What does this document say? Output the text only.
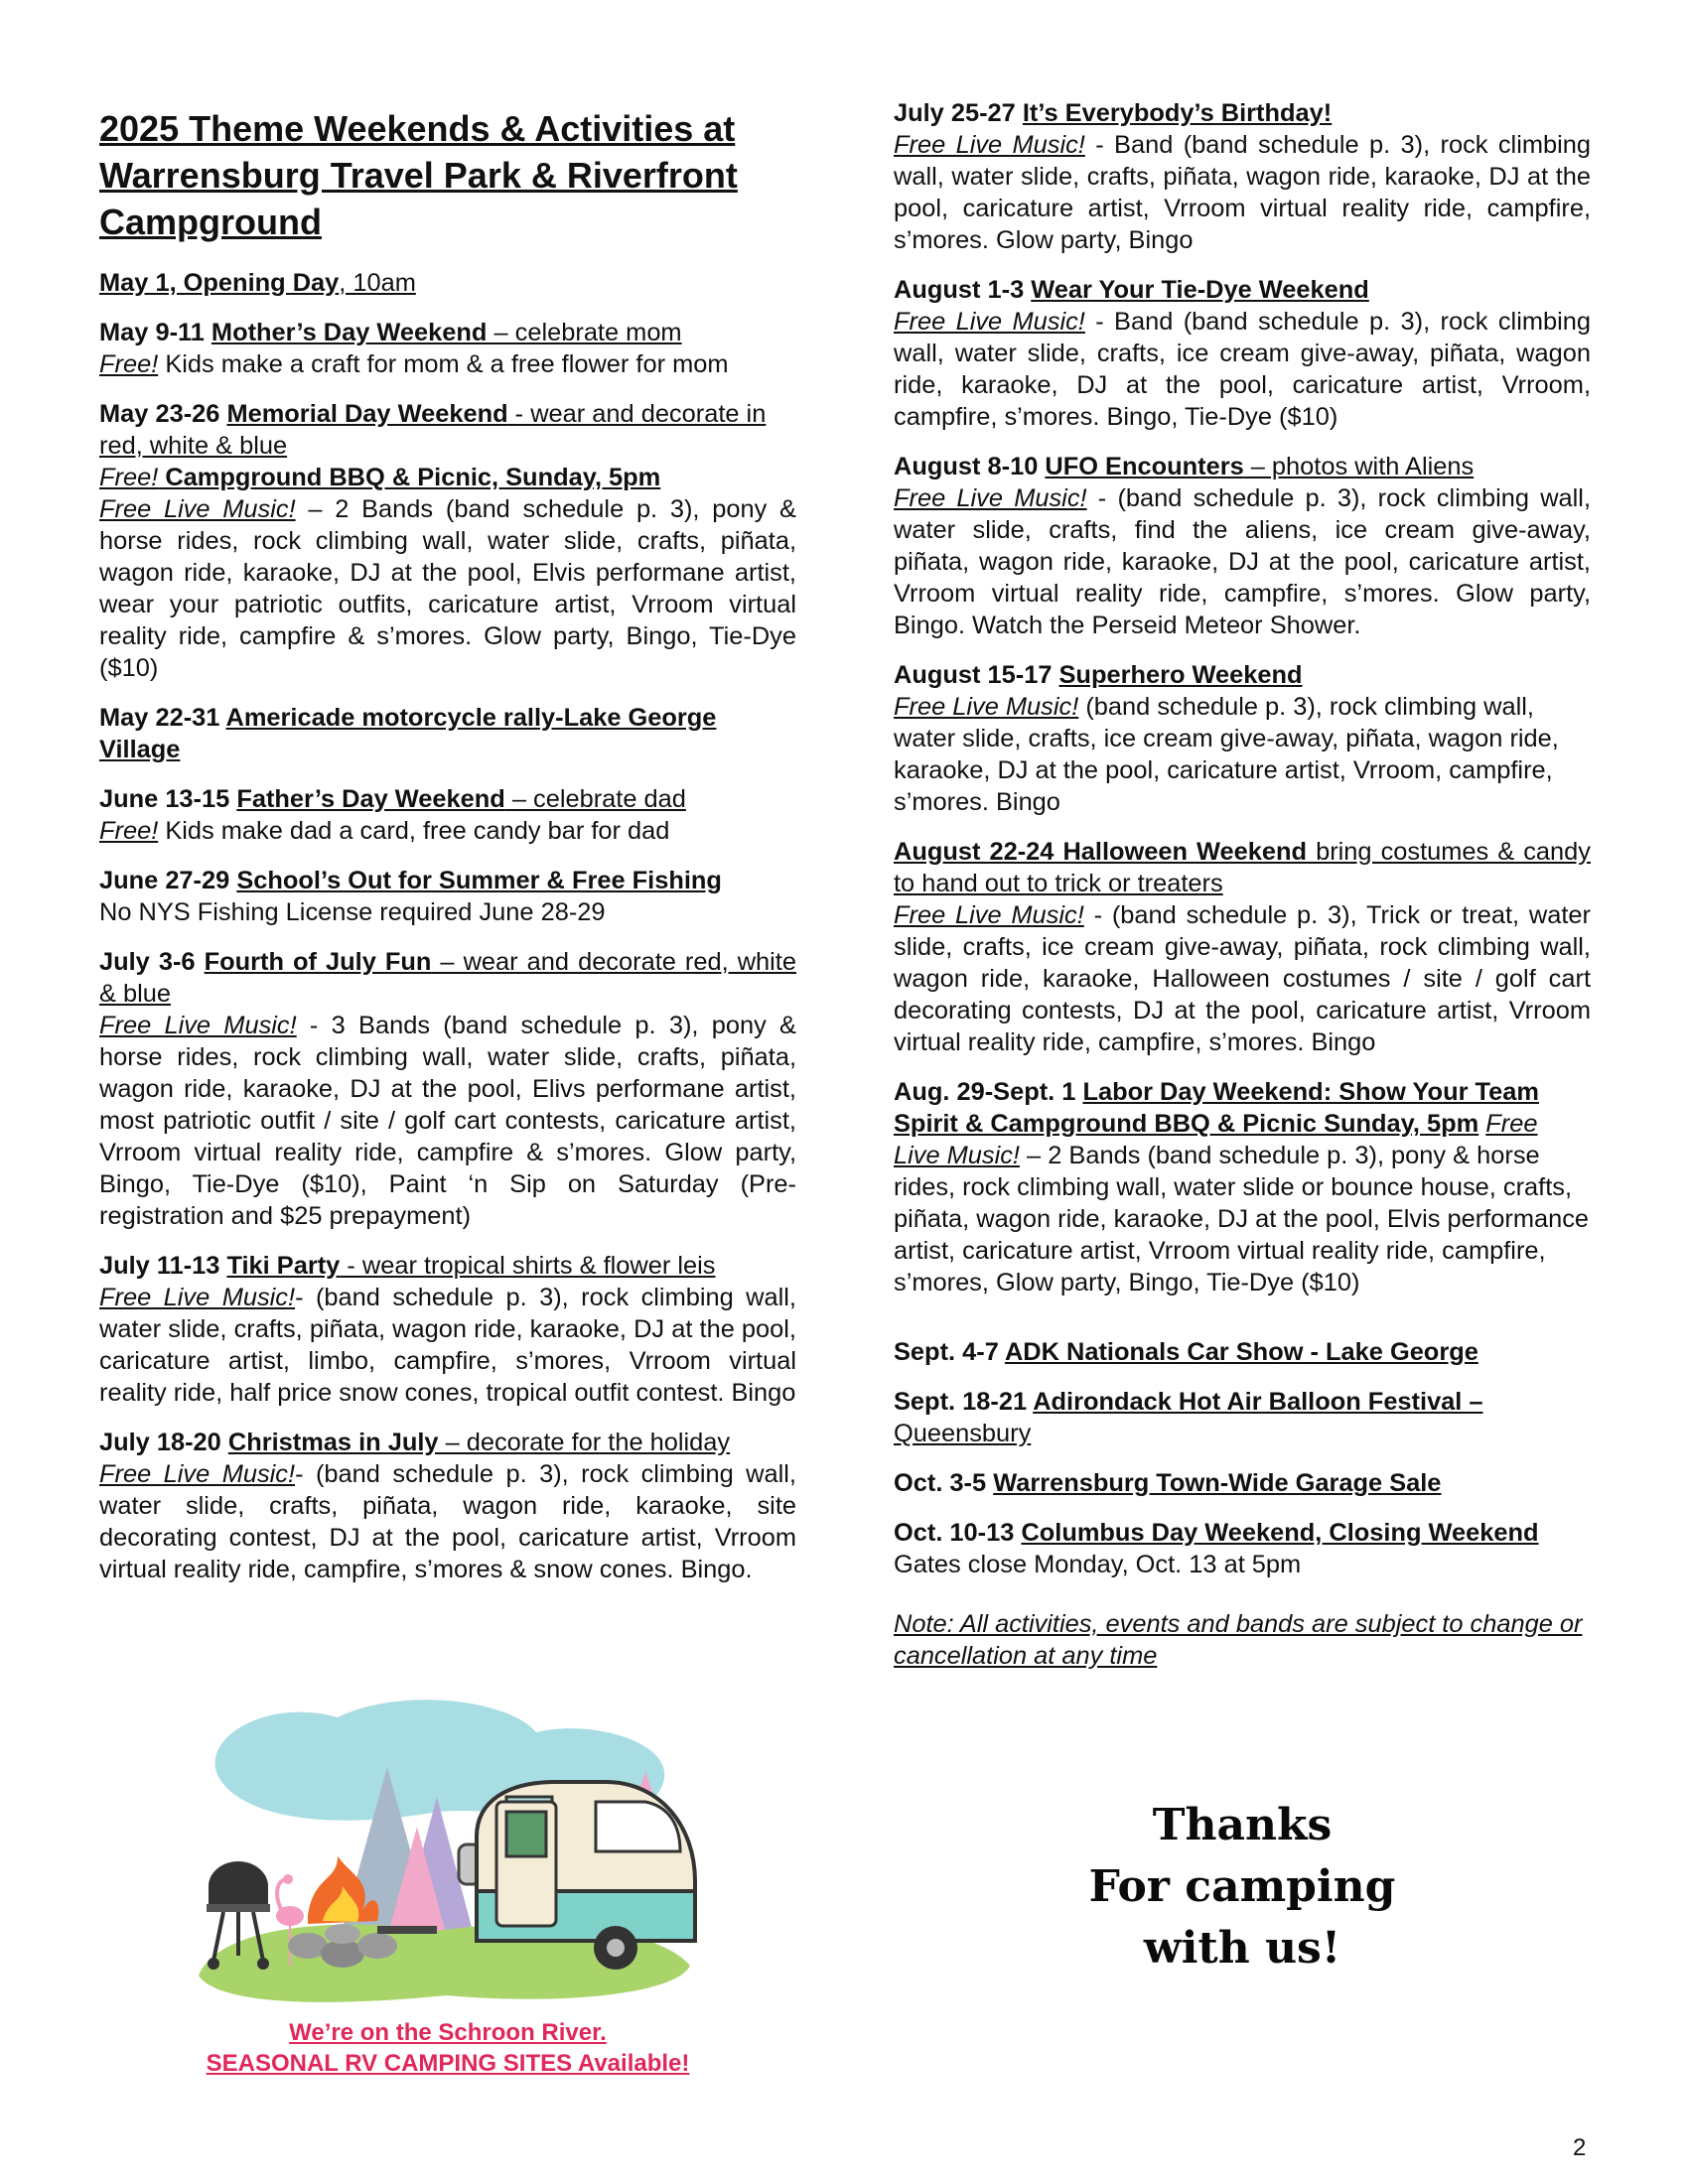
2025 Theme Weekends & Activities at Warrensburg Travel Park & Riverfront Campground
May 1, Opening Day, 10am
May 9-11 Mother’s Day Weekend – celebrate mom
Free! Kids make a craft for mom & a free flower for mom
May 23-26 Memorial Day Weekend - wear and decorate in red, white & blue
Free! Campground BBQ & Picnic, Sunday, 5pm

Free Live Music! – 2 Bands (band schedule p. 3), pony & horse rides, rock climbing wall, water slide, crafts, piñata, wagon ride, karaoke, DJ at the pool, Elvis performane artist, wear your patriotic outfits, caricature artist, Vrroom virtual reality ride, campfire & s’mores. Glow party, Bingo, Tie-Dye ($10)
May 22-31 Americade motorcycle rally-Lake George Village
June 13-15 Father’s Day Weekend – celebrate dad
Free! Kids make dad a card, free candy bar for dad
June 27-29 School’s Out for Summer & Free Fishing
No NYS Fishing License required June 28-29
July 3-6 Fourth of July Fun – wear and decorate red, white & blue
Free Live Music! - 3 Bands (band schedule p. 3), pony & horse rides, rock climbing wall, water slide, crafts, piñata, wagon ride, karaoke, DJ at the pool, Elivs performane artist, most patriotic outfit / site / golf cart contests, caricature artist, Vrroom virtual reality ride, campfire & s’mores. Glow party, Bingo, Tie-Dye ($10), Paint ‘n Sip on Saturday (Pre-registration and $25 prepayment)
July 11-13 Tiki Party - wear tropical shirts & flower leis
Free Live Music!- (band schedule p. 3), rock climbing wall, water slide, crafts, piñata, wagon ride, karaoke, DJ at the pool, caricature artist, limbo, campfire, s’mores, Vrroom virtual reality ride, half price snow cones, tropical outfit contest. Bingo
July 18-20 Christmas in July – decorate for the holiday
Free Live Music!- (band schedule p. 3), rock climbing wall, water slide, crafts, piñata, wagon ride, karaoke, site decorating contest, DJ at the pool, caricature artist, Vrroom virtual reality ride, campfire, s’mores & snow cones. Bingo.
We’re on the Schroon River.
SEASONAL RV CAMPING SITES Available!
July 25-27 It’s Everybody’s Birthday!
Free Live Music! - Band (band schedule p. 3), rock climbing wall, water slide, crafts, piñata, wagon ride, karaoke, DJ at the pool, caricature artist, Vrroom virtual reality ride, campfire, s’mores. Glow party, Bingo
August 1-3 Wear Your Tie-Dye Weekend
Free Live Music! - Band (band schedule p. 3), rock climbing wall, water slide, crafts, ice cream give-away, piñata, wagon ride, karaoke, DJ at the pool, caricature artist, Vrroom, campfire, s’mores. Bingo, Tie-Dye ($10)
August 8-10 UFO Encounters – photos with Aliens
Free Live Music! - (band schedule p. 3), rock climbing wall, water slide, crafts, find the aliens, ice cream give-away, piñata, wagon ride, karaoke, DJ at the pool, caricature artist, Vrroom virtual reality ride, campfire, s’mores. Glow party, Bingo. Watch the Perseid Meteor Shower.
August 15-17 Superhero Weekend
Free Live Music! (band schedule p. 3), rock climbing wall, water slide, crafts, ice cream give-away, piñata, wagon ride, karaoke, DJ at the pool, caricature artist, Vrroom, campfire, s’mores. Bingo
August 22-24 Halloween Weekend bring costumes & candy to hand out to trick or treaters
Free Live Music! - (band schedule p. 3), Trick or treat, water slide, crafts, ice cream give-away, piñata, rock climbing wall, wagon ride, karaoke, Halloween costumes / site / golf cart decorating contests, DJ at the pool, caricature artist, Vrroom virtual reality ride, campfire, s’mores. Bingo
Aug. 29-Sept. 1 Labor Day Weekend: Show Your Team Spirit & Campground BBQ & Picnic Sunday, 5pm Free Live Music! – 2 Bands (band schedule p. 3), pony & horse rides, rock climbing wall, water slide or bounce house, crafts, piñata, wagon ride, karaoke, DJ at the pool, Elvis performance artist, caricature artist, Vrroom virtual reality ride, campfire, s’mores, Glow party, Bingo, Tie-Dye ($10)
Sept. 4-7 ADK Nationals Car Show - Lake George
Sept. 18-21 Adirondack Hot Air Balloon Festival – Queensbury
Oct. 3-5 Warrensburg Town-Wide Garage Sale
Oct. 10-13 Columbus Day Weekend, Closing Weekend Gates close Monday, Oct. 13 at 5pm
Note: All activities, events and bands are subject to change or cancellation at any time
Thanks
For camping
with us!
2
